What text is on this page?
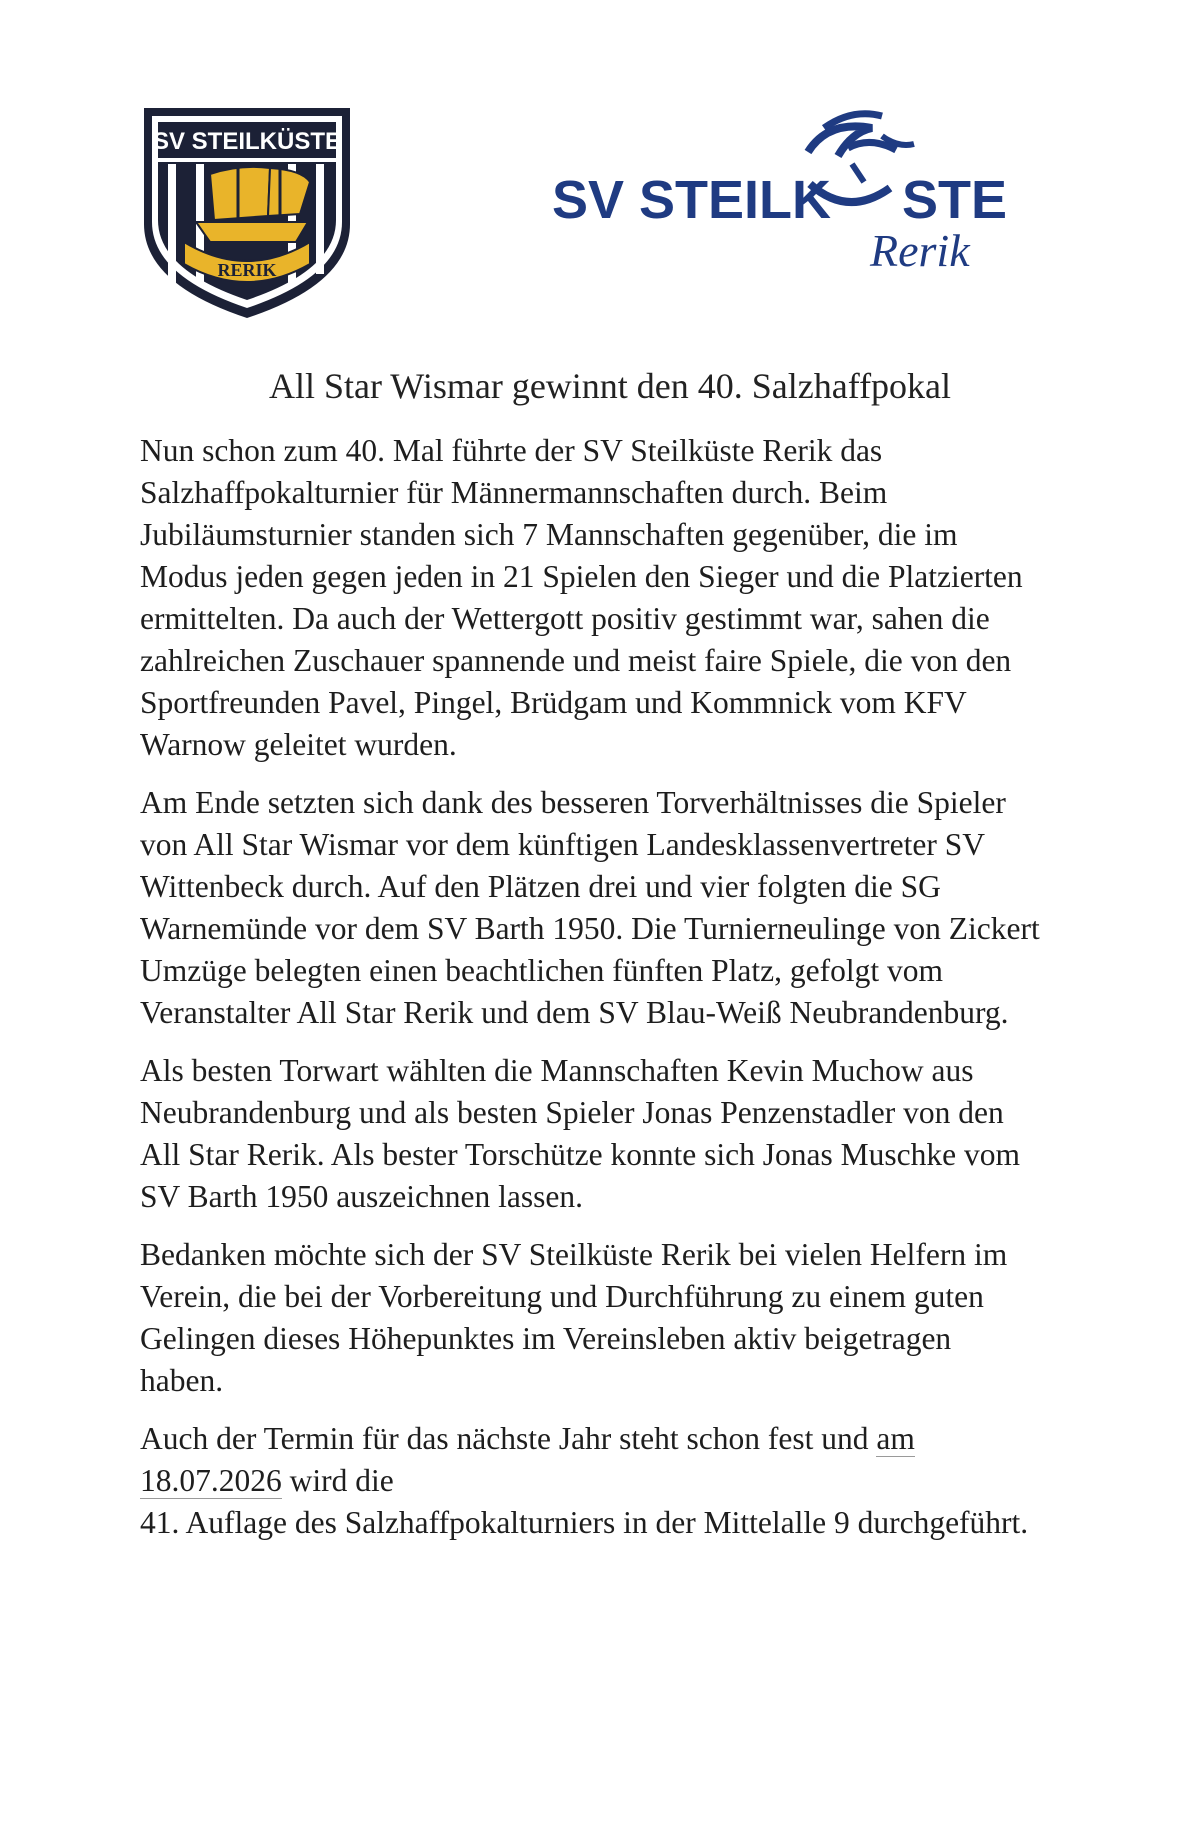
SV STEILKÜSTE
RERIK
SV STEILK STE
Rerik
All Star Wismar gewinnt den 40. Salzhaffpokal

Nun schon zum 40. Mal führte der SV Steilküste Rerik das Salzhaffpokalturnier für Männermannschaften durch. Beim Jubiläumsturnier standen sich 7 Mannschaften gegenüber, die im Modus jeden gegen jeden in 21 Spielen den Sieger und die Platzierten ermittelten. Da auch der Wettergott positiv gestimmt war, sahen die zahlreichen Zuschauer spannende und meist faire Spiele, die von den Sportfreunden Pavel, Pingel, Brüdgam und Kommnick vom KFV Warnow geleitet wurden.

Am Ende setzten sich dank des besseren Torverhältnisses die Spieler von All Star Wismar vor dem künftigen Landesklassenvertreter SV Wittenbeck durch. Auf den Plätzen drei und vier folgten die SG Warnemünde vor dem SV Barth 1950. Die Turnierneulinge von Zickert Umzüge belegten einen beachtlichen fünften Platz, gefolgt vom Veranstalter All Star Rerik und dem SV Blau-Weiß Neubrandenburg.

Als besten Torwart wählten die Mannschaften Kevin Muchow aus Neubrandenburg und als besten Spieler Jonas Penzenstadler von den All Star Rerik. Als bester Torschütze konnte sich Jonas Muschke vom SV Barth 1950 auszeichnen lassen.

Bedanken möchte sich der SV Steilküste Rerik bei vielen Helfern im Verein, die bei der Vorbereitung und Durchführung zu einem guten Gelingen dieses Höhepunktes im Vereinsleben aktiv beigetragen haben.

Auch der Termin für das nächste Jahr steht schon fest und am
18.07.2026 wird die
41. Auflage des Salzhaffpokalturniers in der Mittelalle 9 durchgeführt.
